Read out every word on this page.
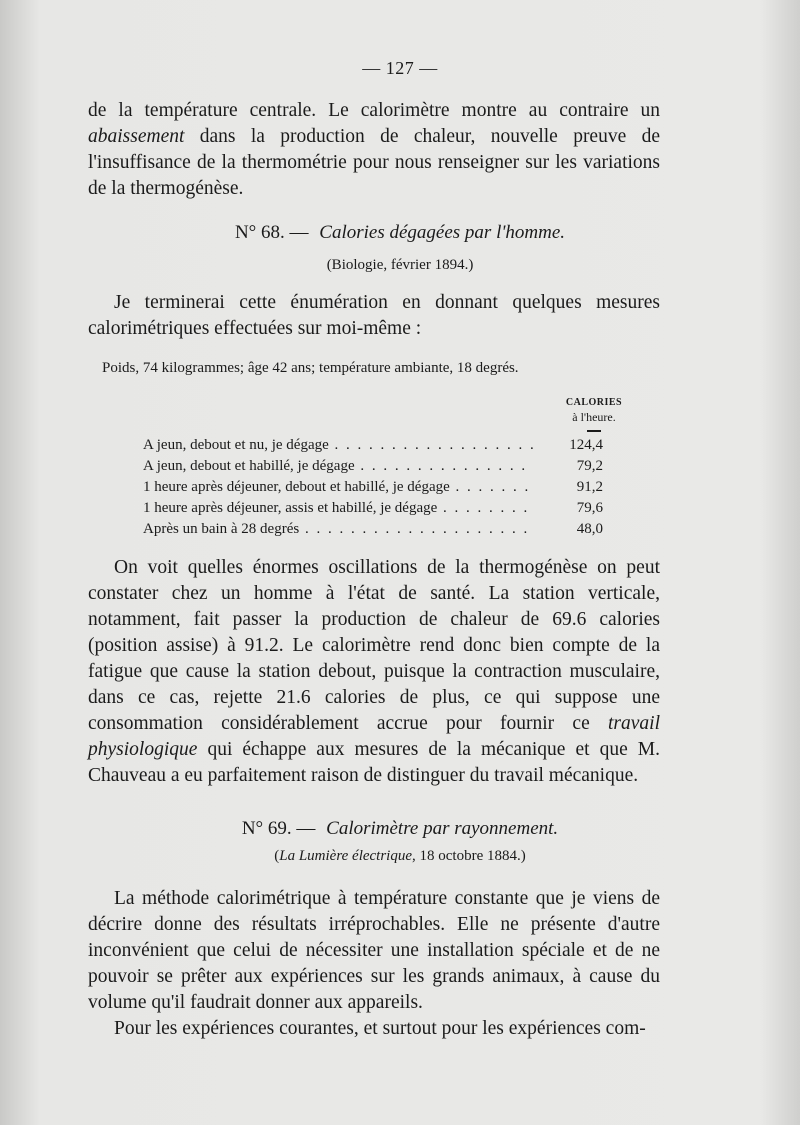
— 127 —

de la température centrale. Le calorimètre montre au contraire un abaissement dans la production de chaleur, nouvelle preuve de l'insuffisance de la thermométrie pour nous renseigner sur les variations de la thermogénèse.

N° 68. — Calories dégagées par l'homme.
(Biologie, février 1894.)

Je terminerai cette énumération en donnant quelques mesures calorimétriques effectuées sur moi-même :

Poids, 74 kilogrammes; âge 42 ans; température ambiante, 18 degrés.
CALORIES
à l'heure.
A jeun, debout et nu, je dégage . . .	124,4
A jeun, debout et habillé, je dégage . . .	79,2
1 heure après déjeuner, debout et habillé, je dégage . . .	91,2
1 heure après déjeuner, assis et habillé, je dégage . . .	79,6
Après un bain à 28 degrés . . .	48,0

On voit quelles énormes oscillations de la thermogénèse on peut constater chez un homme à l'état de santé. La station verticale, notamment, fait passer la production de chaleur de 69.6 calories (position assise) à 91.2. Le calorimètre rend donc bien compte de la fatigue que cause la station debout, puisque la contraction musculaire, dans ce cas, rejette 21.6 calories de plus, ce qui suppose une consommation considérablement accrue pour fournir ce travail physiologique qui échappe aux mesures de la mécanique et que M. Chauveau a eu parfaitement raison de distinguer du travail mécanique.

N° 69. — Calorimètre par rayonnement.
(La Lumière électrique, 18 octobre 1884.)

La méthode calorimétrique à température constante que je viens de décrire donne des résultats irréprochables. Elle ne présente d'autre inconvénient que celui de nécessiter une installation spéciale et de ne pouvoir se prêter aux expériences sur les grands animaux, à cause du volume qu'il faudrait donner aux appareils.

Pour les expériences courantes, et surtout pour les expériences com-
